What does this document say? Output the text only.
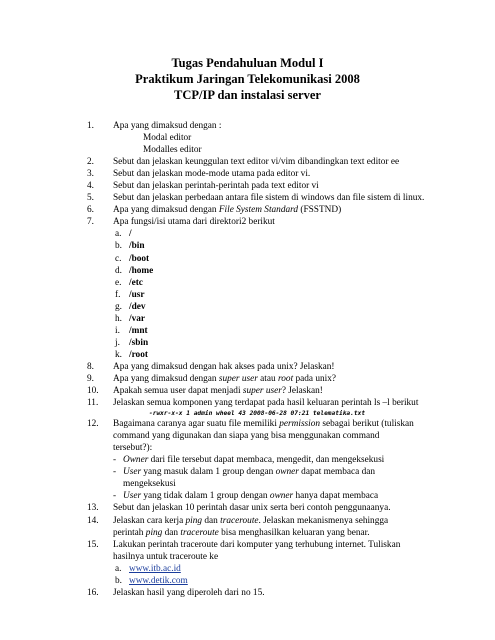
Tugas Pendahuluan Modul I
Praktikum Jaringan Telekomunikasi 2008
TCP/IP dan instalasi server
1.	Apa yang dimaksud dengan :
Modal editor
Modalles editor
2.	Sebut dan jelaskan keunggulan text editor vi/vim dibandingkan text editor ee
3.	Sebut dan jelaskan mode-mode utama pada editor vi.
4.	Sebut dan jelaskan perintah-perintah pada text editor vi
5.	Sebut dan jelaskan perbedaan antara file sistem di windows dan file sistem di linux.
6.	Apa yang dimaksud dengan File System Standard (FSSTND)
7.	Apa fungsi/isi utama dari direktori2 berikut
a. /
b. /bin
c. /boot
d. /home
e. /etc
f. /usr
g. /dev
h. /var
i. /mnt
j. /sbin
k. /root
8.	Apa yang dimaksud dengan hak akses pada unix? Jelaskan!
9.	Apa yang dimaksud dengan super user atau root pada unix?
10.	Apakah semua user dapat menjadi super user? Jelaskan!
11.	Jelaskan semua komponen yang terdapat pada hasil keluaran perintah ls –l berikut
-rwxr-x-x 1 admin wheel 43 2008-06-28 07:21 telematika.txt
12.	Bagaimana caranya agar suatu file memiliki permission sebagai berikut (tuliskan
command yang digunakan dan siapa yang bisa menggunakan command
tersebut?):
- Owner dari file tersebut dapat membaca, mengedit, dan mengeksekusi
- User yang masuk dalam 1 group dengan owner dapat membaca dan
mengeksekusi
- User yang tidak dalam 1 group dengan owner hanya dapat membaca
13.	Sebut dan jelaskan 10 perintah dasar unix serta beri contoh penggunaanya.
14.	Jelaskan cara kerja ping dan traceroute. Jelaskan mekanismenya sehingga
perintah ping dan traceroute bisa menghasilkan keluaran yang benar.
15.	Lakukan perintah traceroute dari komputer yang terhubung internet. Tuliskan
hasilnya untuk traceroute ke
a. www.itb.ac.id
b. www.detik.com
16.	Jelaskan hasil yang diperoleh dari no 15.
